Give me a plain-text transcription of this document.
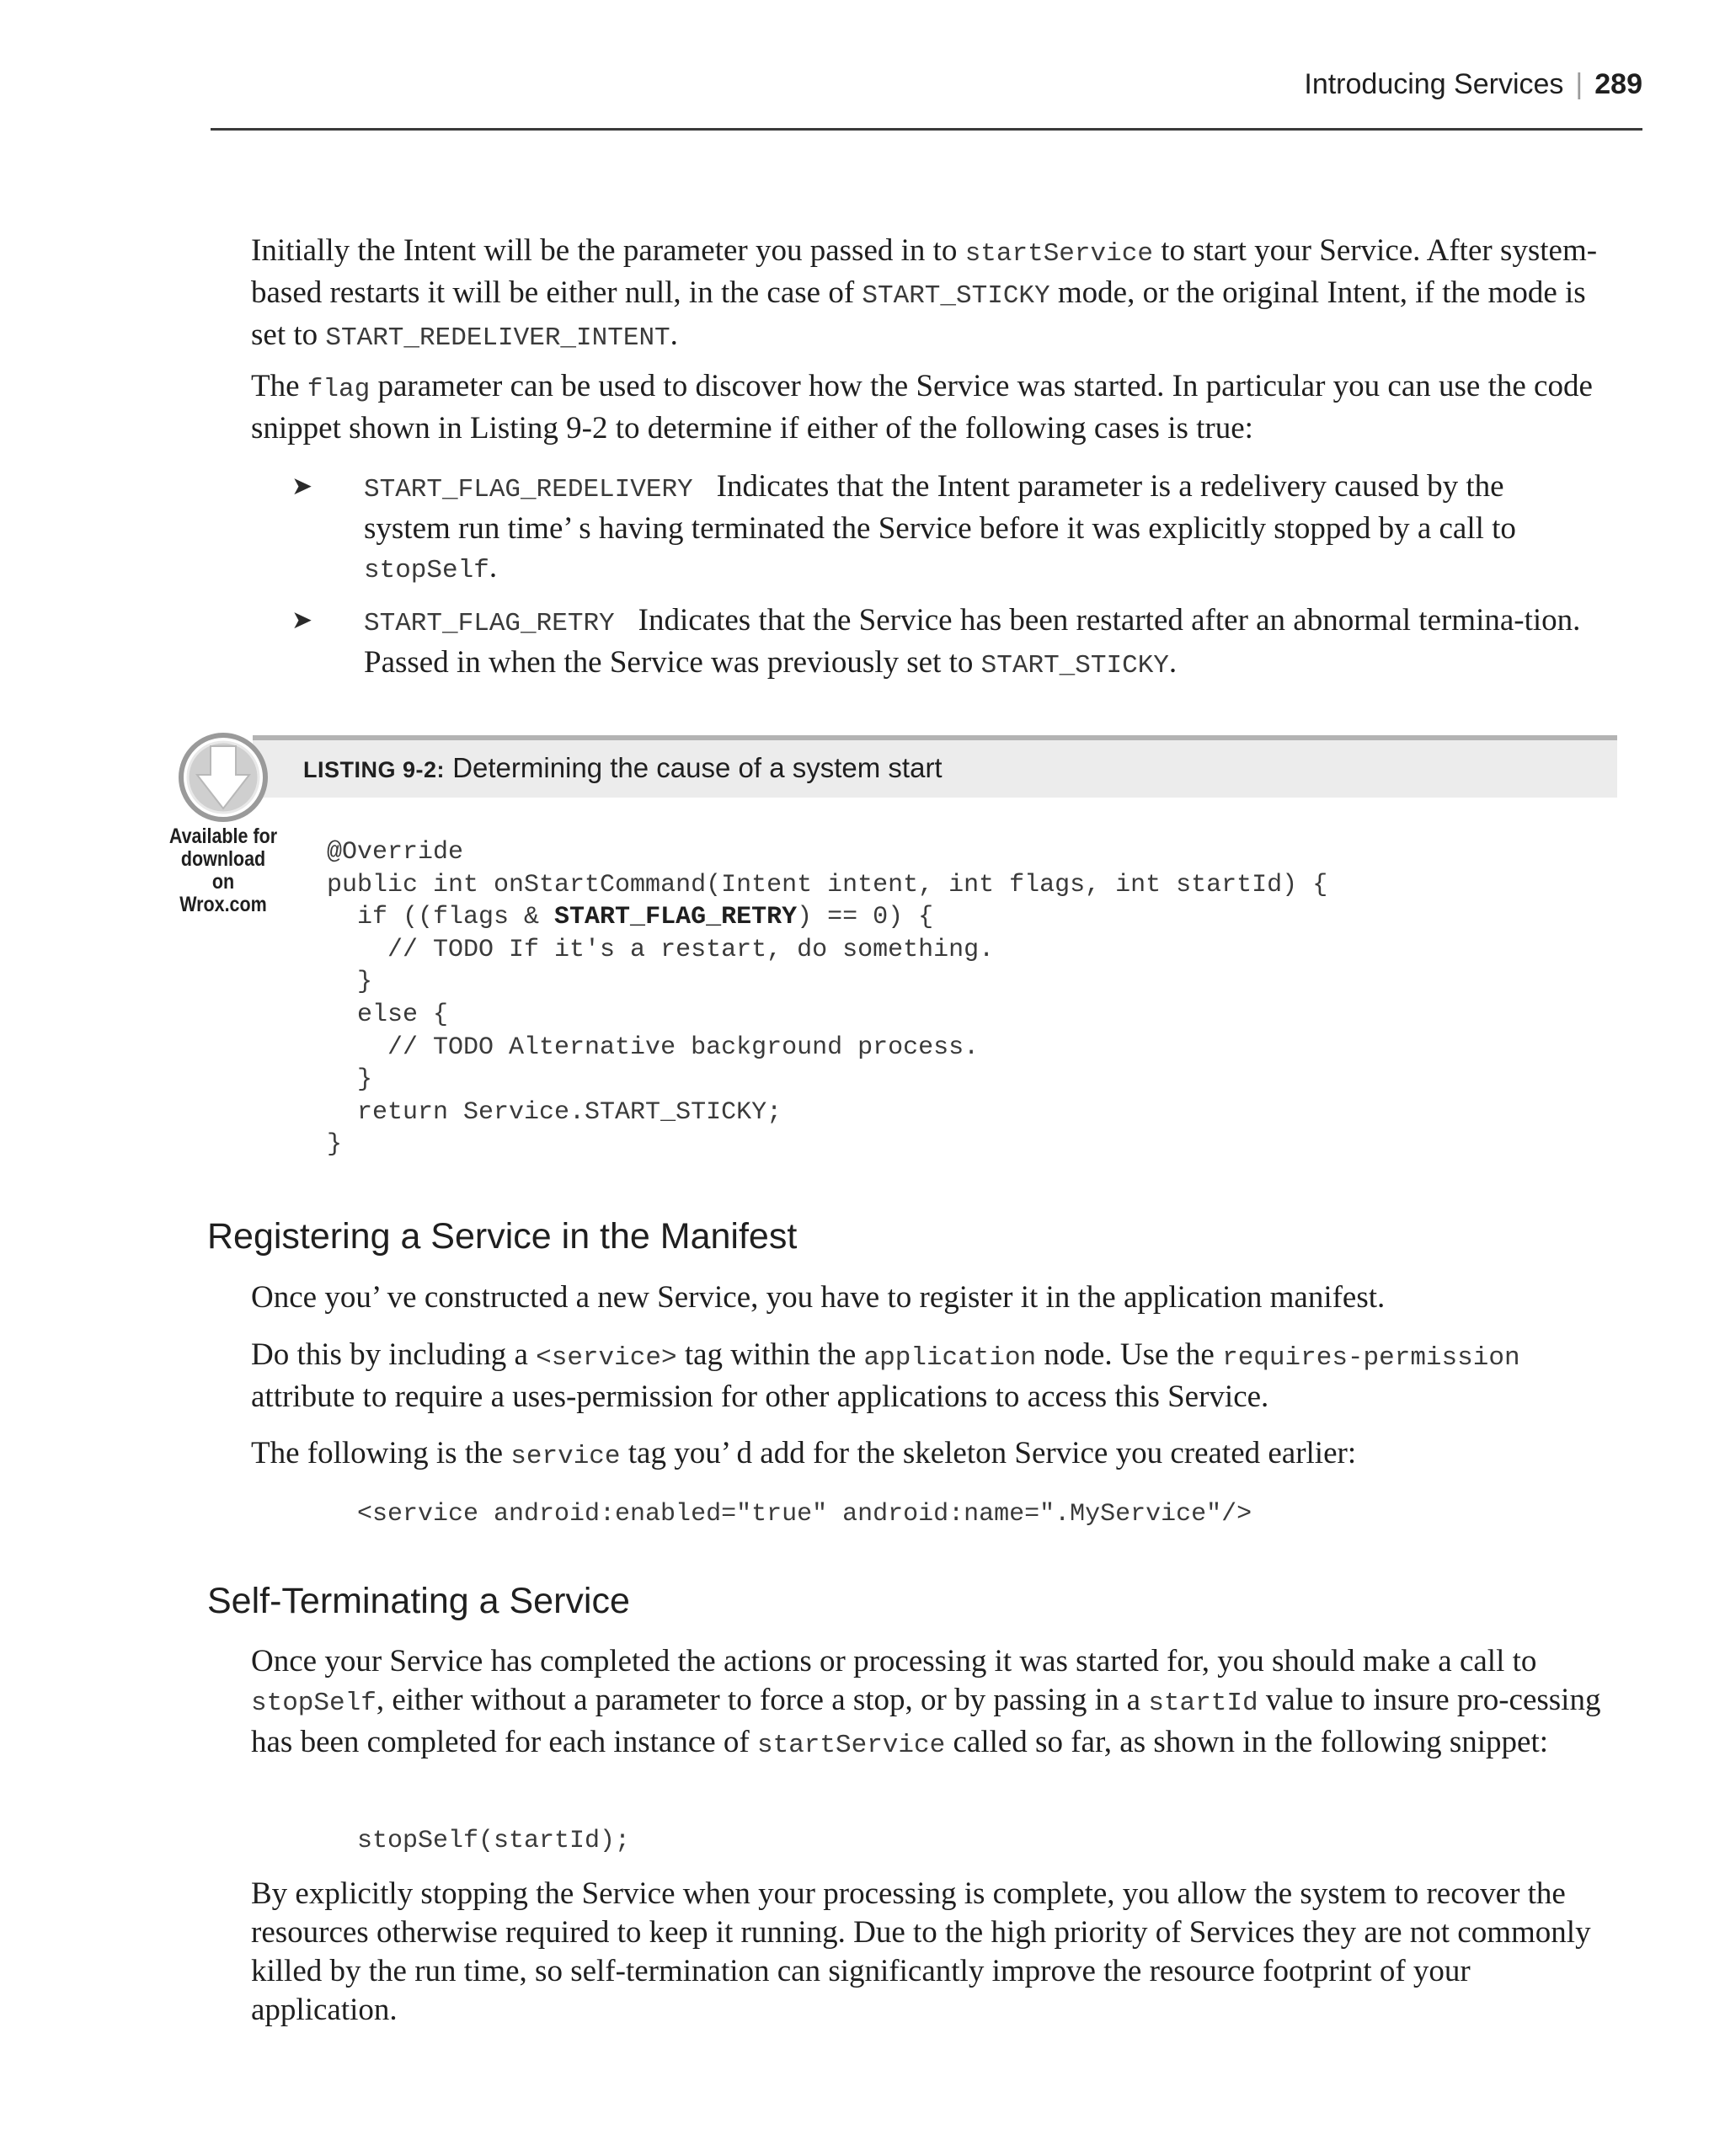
Introducing Services | 289

Initially the Intent will be the parameter you passed in to startService to start your Service. After system-based restarts it will be either null, in the case of START_STICKY mode, or the original Intent, if the mode is set to START_REDELIVER_INTENT.

The flag parameter can be used to discover how the Service was started. In particular you can use the code snippet shown in Listing 9-2 to determine if either of the following cases is true:

➤ START_FLAG_REDELIVERY Indicates that the Intent parameter is a redelivery caused by the system run time’ s having terminated the Service before it was explicitly stopped by a call to stopSelf.

➤ START_FLAG_RETRY Indicates that the Service has been restarted after an abnormal termina-tion. Passed in when the Service was previously set to START_STICKY.

LISTING 9-2: Determining the cause of a system start
Available for
download on
Wrox.com
@Override
public int onStartCommand(Intent intent, int flags, int startId) {
if ((flags & START_FLAG_RETRY) == 0) {
// TODO If it's a restart, do something.
}
else {
// TODO Alternative background process.
}
return Service.START_STICKY;
}
Registering a Service in the Manifest

Once you’ ve constructed a new Service, you have to register it in the application manifest.

Do this by including a <service> tag within the application node. Use the requires-permission attribute to require a uses-permission for other applications to access this Service.

The following is the service tag you’ d add for the skeleton Service you created earlier:

<service android:enabled="true" android:name=".MyService"/>
Self-Terminating a Service

Once your Service has completed the actions or processing it was started for, you should make a call to stopSelf, either without a parameter to force a stop, or by passing in a startId value to insure pro-cessing has been completed for each instance of startService called so far, as shown in the following snippet:

stopSelf(startId);

By explicitly stopping the Service when your processing is complete, you allow the system to recover the resources otherwise required to keep it running. Due to the high priority of Services they are not commonly killed by the run time, so self-termination can significantly improve the resource footprint of your application.
